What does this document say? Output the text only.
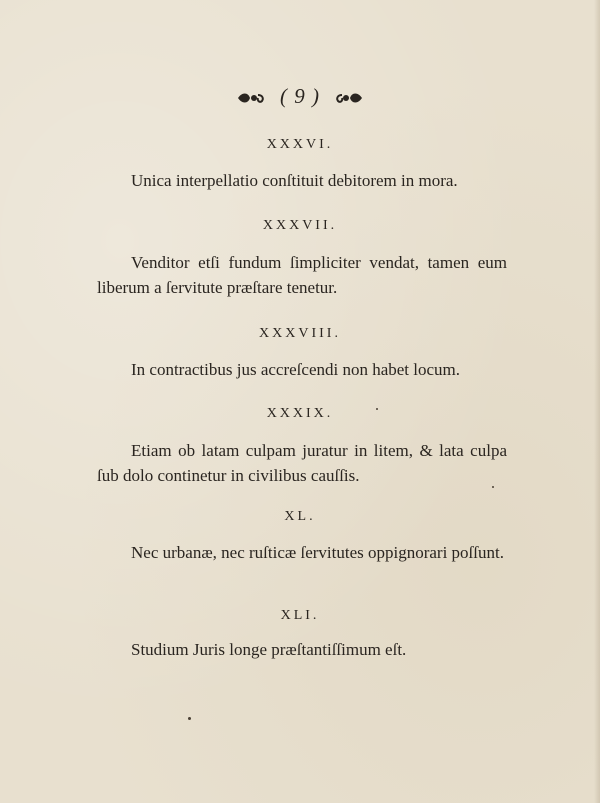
( 9 )
XXXVI.
Unica interpellatio conſtituit debitorem in mora.
XXXVII.
Venditor etſi fundum ſimpliciter vendat, tamen eum liberum a ſervitute præſtare tenetur.
XXXVIII.
In contractibus jus accreſcendi non habet locum.
XXXIX.
Etiam ob latam culpam juratur in litem, & lata culpa ſub dolo continetur in civilibus cauſſis.
XL.
Nec urbanæ, nec ruſticæ ſervitutes oppignorari poſſunt.
XLI.
Studium Juris longe præſtantiſſimum eſt.
